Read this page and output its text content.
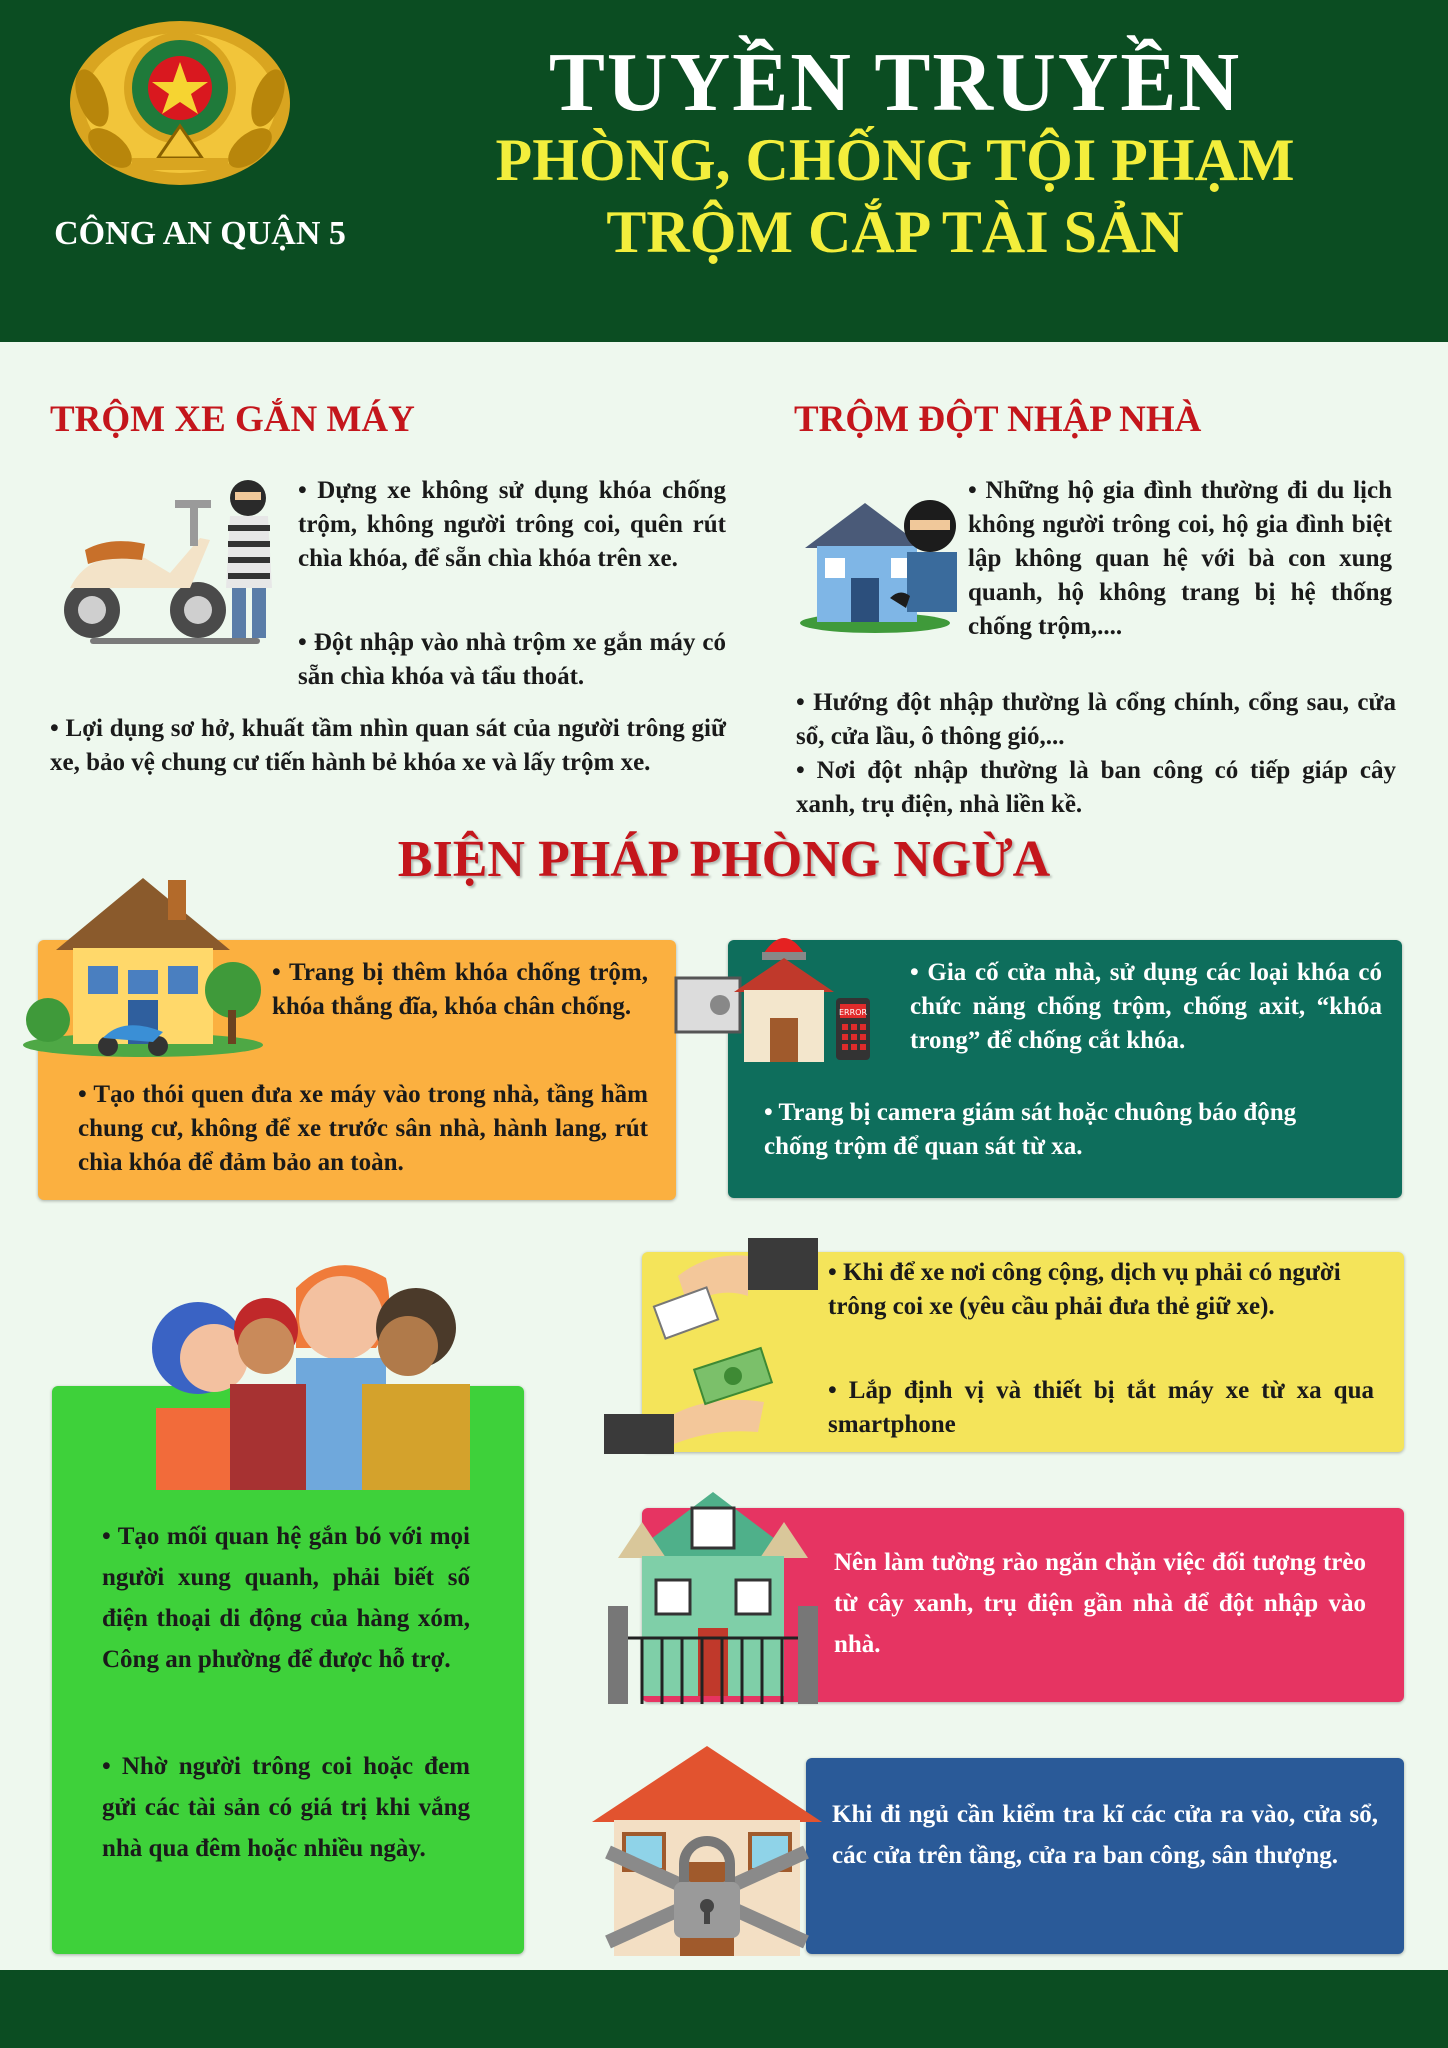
CÔNG AN QUẬN 5
TUYỀN TRUYỀN
PHÒNG, CHỐNG TỘI PHẠM
TRỘM CẮP TÀI SẢN
TRỘM XE GẮN MÁY
• Dựng xe không sử dụng khóa chống trộm, không người trông coi, quên rút chìa khóa, để sẵn chìa khóa trên xe.
• Đột nhập vào nhà trộm xe gắn máy có sẵn chìa khóa và tẩu thoát.
• Lợi dụng sơ hở, khuất tầm nhìn quan sát của người trông giữ xe, bảo vệ chung cư tiến hành bẻ khóa xe và lấy trộm xe.
TRỘM ĐỘT NHẬP NHÀ
• Những hộ gia đình thường đi du lịch không người trông coi, hộ gia đình biệt lập không quan hệ với bà con xung quanh, hộ không trang bị hệ thống chống trộm,....
• Hướng đột nhập thường là cổng chính, cổng sau, cửa sổ, cửa lầu, ô thông gió,...
• Nơi đột nhập thường là ban công có tiếp giáp cây xanh, trụ điện, nhà liền kề.
BIỆN PHÁP PHÒNG NGỪA
• Trang bị thêm khóa chống trộm, khóa thắng đĩa, khóa chân chống.
• Tạo thói quen đưa xe máy vào trong nhà, tầng hầm chung cư, không để xe trước sân nhà, hành lang, rút chìa khóa để đảm bảo an toàn.
ERROR
• Gia cố cửa nhà, sử dụng các loại khóa có chức năng chống trộm, chống axit, “khóa trong” để chống cắt khóa.
• Trang bị camera giám sát hoặc chuông báo động chống trộm để quan sát từ xa.
• Khi để xe nơi công cộng, dịch vụ phải có người trông coi xe (yêu cầu phải đưa thẻ giữ xe).
• Lắp định vị và thiết bị tắt máy xe từ xa qua smartphone
• Tạo mối quan hệ gắn bó với mọi người xung quanh, phải biết số điện thoại di động của hàng xóm, Công an phường để được hỗ trợ.
• Nhờ người trông coi hoặc đem gửi các tài sản có giá trị khi vắng nhà qua đêm hoặc nhiều ngày.
Nên làm tường rào ngăn chặn việc đối tượng trèo từ cây xanh, trụ điện gần nhà để đột nhập vào nhà.
Khi đi ngủ cần kiểm tra kĩ các cửa ra vào, cửa sổ, các cửa trên tầng, cửa ra ban công, sân thượng.
